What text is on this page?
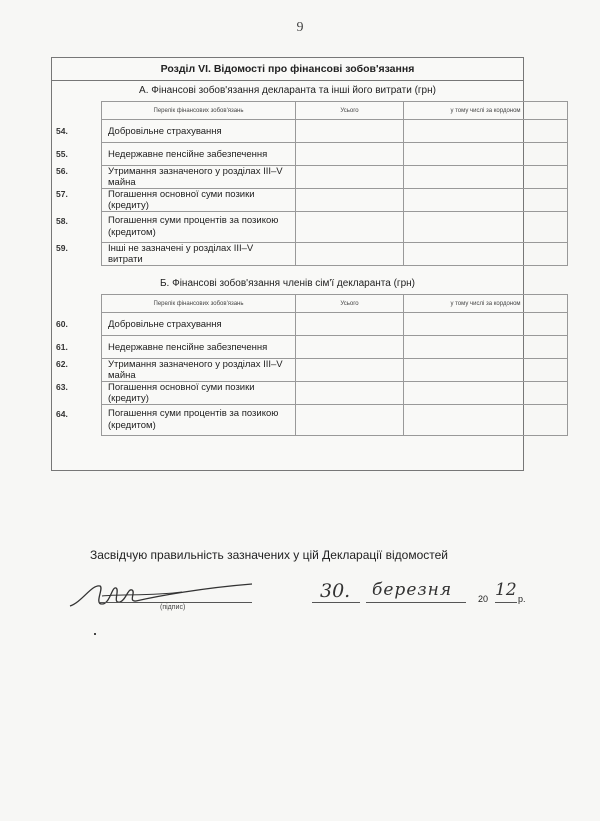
9
Розділ VI. Відомості про фінансові зобов'язання
А. Фінансові зобов'язання декларанта та інші його витрати (грн)
Перелік фінансових зобов'язань	Усього	у тому числі за кордоном

54. Добровільне страхування		

55. Недержавне пенсійне забезпечення		

56. Утримання зазначеного у розділах III–V майна		

57. Погашення основної суми позики (кредиту)		

58. Погашення суми процентів за позикою (кредитом)		

59. Інші не зазначені у розділах III–V витрати		
Б. Фінансові зобов'язання членів сім'ї декларанта (грн)
Перелік фінансових зобов'язань	Усього	у тому числі за кордоном

60. Добровільне страхування		

61. Недержавне пенсійне забезпечення		

62. Утримання зазначеного у розділах III–V майна		

63. Погашення основної суми позики (кредиту)		

64. Погашення суми процентів за позикою (кредитом)		
Засвідчую правильність зазначених у цій Декларації відомостей
(підпис)
30. березня	20 12 р.
